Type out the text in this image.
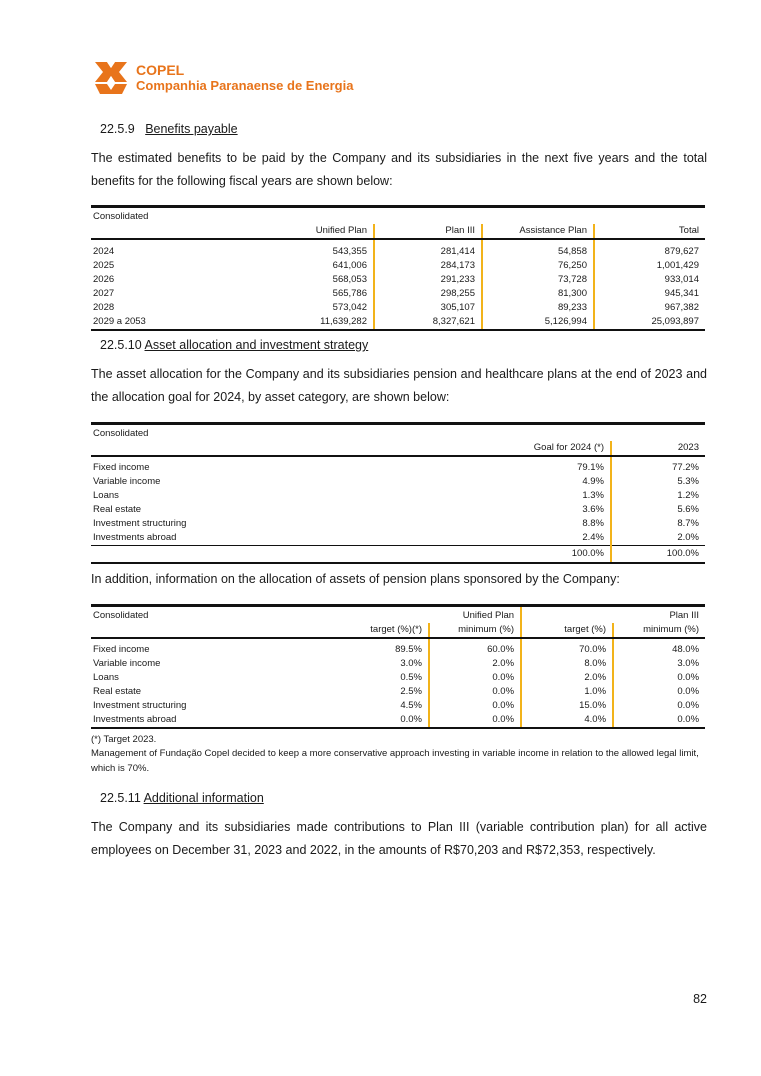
COPEL
Companhia Paranaense de Energia
22.5.9 Benefits payable
The estimated benefits to be paid by the Company and its subsidiaries in the next five years and the total benefits for the following fiscal years are shown below:
Consolidated				
	Unified Plan	Plan III	Assistance Plan	Total

2024	543,355	281,414	54,858	879,627
2025	641,006	284,173	76,250	1,001,429
2026	568,053	291,233	73,728	933,014
2027	565,786	298,255	81,300	945,341
2028	573,042	305,107	89,233	967,382
2029 a 2053	11,639,282	8,327,621	5,126,994	25,093,897
22.5.10 Asset allocation and investment strategy
The asset allocation for the Company and its subsidiaries pension and healthcare plans at the end of 2023 and the allocation goal for 2024, by asset category, are shown below:
Consolidated		
	Goal for 2024 (*)	2023

Fixed income	79.1%	77.2%
Variable income	4.9%	5.3%
Loans	1.3%	1.2%
Real estate	3.6%	5.6%
Investment structuring	8.8%	8.7%
Investments abroad	2.4%	2.0%
	100.0%	100.0%
In addition, information on the allocation of assets of pension plans sponsored by the Company:
Consolidated	Unified Plan		Plan III	
	target (%)(*)	minimum (%)	target (%)	minimum (%)

Fixed income	89.5%	60.0%	70.0%	48.0%
Variable income	3.0%	2.0%	8.0%	3.0%
Loans	0.5%	0.0%	2.0%	0.0%
Real estate	2.5%	0.0%	1.0%	0.0%
Investment structuring	4.5%	0.0%	15.0%	0.0%
Investments abroad	0.0%	0.0%	4.0%	0.0%
(*) Target 2023.
Management of Fundação Copel decided to keep a more conservative approach investing in variable income in relation to the allowed legal limit, which is 70%.
22.5.11 Additional information
The Company and its subsidiaries made contributions to Plan III (variable contribution plan) for all active employees on December 31, 2023 and 2022, in the amounts of R$70,203 and R$72,353, respectively.
82
